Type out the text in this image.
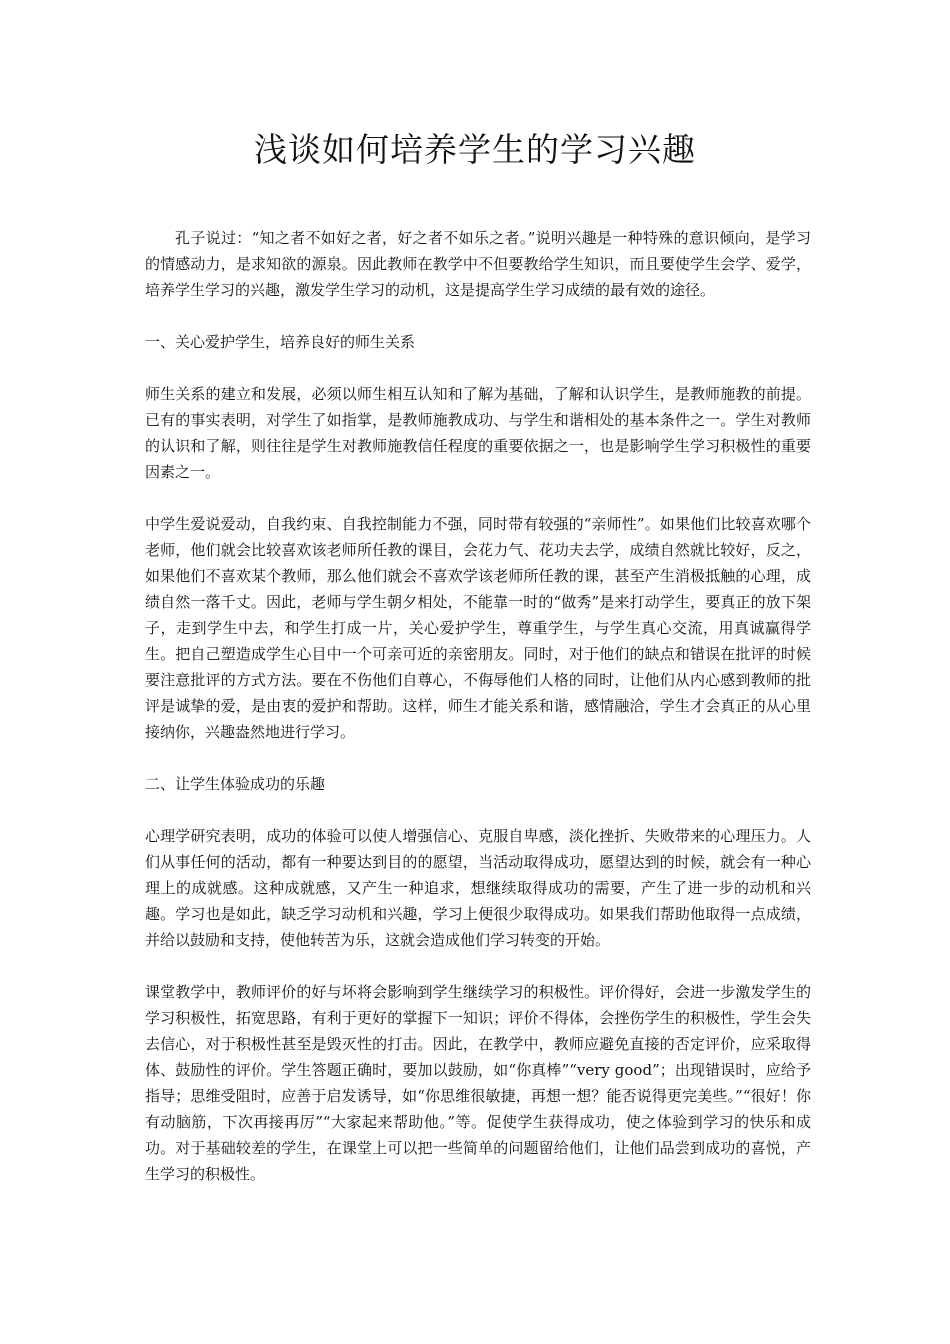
浅谈如何培养学生的学习兴趣

孔子说过：“知之者不如好之者，好之者不如乐之者。”说明兴趣是一种特殊的意识倾向，是学习的情感动力，是求知欲的源泉。因此教师在教学中不但要教给学生知识，而且要使学生会学、爱学，培养学生学习的兴趣，激发学生学习的动机，这是提高学生学习成绩的最有效的途径。

一、关心爱护学生，培养良好的师生关系

师生关系的建立和发展，必须以师生相互认知和了解为基础，了解和认识学生，是教师施教的前提。已有的事实表明，对学生了如指掌，是教师施教成功、与学生和谐相处的基本条件之一。学生对教师的认识和了解，则往往是学生对教师施教信任程度的重要依据之一，也是影响学生学习积极性的重要因素之一。

中学生爱说爱动，自我约束、自我控制能力不强，同时带有较强的“亲师性”。如果他们比较喜欢哪个老师，他们就会比较喜欢该老师所任教的课目，会花力气、花功夫去学，成绩自然就比较好，反之，如果他们不喜欢某个教师，那么他们就会不喜欢学该老师所任教的课，甚至产生消极抵触的心理，成绩自然一落千丈。因此，老师与学生朝夕相处，不能靠一时的“做秀”是来打动学生，要真正的放下架子，走到学生中去，和学生打成一片，关心爱护学生，尊重学生，与学生真心交流，用真诚赢得学生。把自己塑造成学生心目中一个可亲可近的亲密朋友。同时，对于他们的缺点和错误在批评的时候要注意批评的方式方法。要在不伤他们自尊心，不侮辱他们人格的同时，让他们从内心感到教师的批评是诚挚的爱，是由衷的爱护和帮助。这样，师生才能关系和谐，感情融洽，学生才会真正的从心里接纳你，兴趣盎然地进行学习。

二、让学生体验成功的乐趣

心理学研究表明，成功的体验可以使人增强信心、克服自卑感，淡化挫折、失败带来的心理压力。人们从事任何的活动，都有一种要达到目的的愿望，当活动取得成功，愿望达到的时候，就会有一种心理上的成就感。这种成就感，又产生一种追求，想继续取得成功的需要，产生了进一步的动机和兴趣。学习也是如此，缺乏学习动机和兴趣，学习上便很少取得成功。如果我们帮助他取得一点成绩，并给以鼓励和支持，使他转苦为乐，这就会造成他们学习转变的开始。

课堂教学中，教师评价的好与坏将会影响到学生继续学习的积极性。评价得好，会进一步激发学生的学习积极性，拓宽思路，有利于更好的掌握下一知识；评价不得体，会挫伤学生的积极性，学生会失去信心，对于积极性甚至是毁灭性的打击。因此，在教学中，教师应避免直接的否定评价，应采取得体、鼓励性的评价。学生答题正确时，要加以鼓励，如“你真棒”“very good”；出现错误时，应给予指导；思维受阻时，应善于启发诱导，如“你思维很敏捷，再想一想？能否说得更完美些。”“很好！你有动脑筋，下次再接再厉”“大家起来帮助他。”等。促使学生获得成功，使之体验到学习的快乐和成功。对于基础较差的学生，在课堂上可以把一些简单的问题留给他们，让他们品尝到成功的喜悦，产生学习的积极性。
